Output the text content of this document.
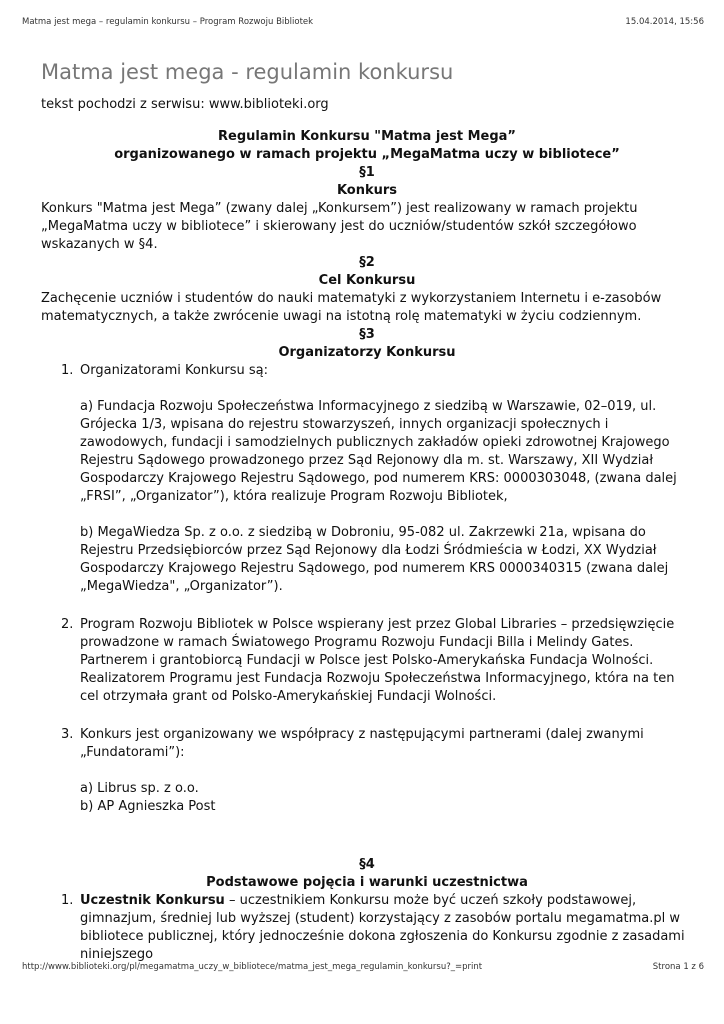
Matma jest mega – regulamin konkursu – Program Rozwoju Bibliotek	15.04.2014, 15:56
Matma jest mega - regulamin konkursu
tekst pochodzi z serwisu: www.biblioteki.org
Regulamin Konkursu "Matma jest Mega”
organizowanego w ramach projektu „MegaMatma uczy w bibliotece”
§1
Konkurs

Konkurs "Matma jest Mega” (zwany dalej „Konkursem”) jest realizowany w ramach projektu „MegaMatma uczy w bibliotece” i skierowany jest do uczniów/studentów szkół szczegółowo wskazanych w §4.

§2
Cel Konkursu

Zachęcenie uczniów i studentów do nauki matematyki z wykorzystaniem Internetu i e-zasobów matematycznych, a także zwrócenie uwagi na istotną rolę matematyki w życiu codziennym.

§3
Organizatorzy Konkursu
1. Organizatorami Konkursu są:
a) Fundacja Rozwoju Społeczeństwa Informacyjnego z siedzibą w Warszawie, 02–019, ul. Grójecka 1/3, wpisana do rejestru stowarzyszeń, innych organizacji społecznych i zawodowych, fundacji i samodzielnych publicznych zakładów opieki zdrowotnej Krajowego Rejestru Sądowego prowadzonego przez Sąd Rejonowy dla m. st. Warszawy, XII Wydział Gospodarczy Krajowego Rejestru Sądowego, pod numerem KRS: 0000303048, (zwana dalej „FRSI”, „Organizator”), która realizuje Program Rozwoju Bibliotek,
b) MegaWiedza Sp. z o.o. z siedzibą w Dobroniu, 95-082 ul. Zakrzewki 21a, wpisana do Rejestru Przedsiębiorców przez Sąd Rejonowy dla Łodzi Śródmieścia w Łodzi, XX Wydział Gospodarczy Krajowego Rejestru Sądowego, pod numerem KRS 0000340315 (zwana dalej „MegaWiedza", „Organizator”).
2. Program Rozwoju Bibliotek w Polsce wspierany jest przez Global Libraries – przedsięwzięcie prowadzone w ramach Światowego Programu Rozwoju Fundacji Billa i Melindy Gates. Partnerem i grantobiorcą Fundacji w Polsce jest Polsko-Amerykańska Fundacja Wolności. Realizatorem Programu jest Fundacja Rozwoju Społeczeństwa Informacyjnego, która na ten cel otrzymała grant od Polsko-Amerykańskiej Fundacji Wolności.
3. Konkurs jest organizowany we współpracy z następującymi partnerami (dalej zwanymi „Fundatorami”):
a) Librus sp. z o.o.
b) AP Agnieszka Post
§4
Podstawowe pojęcia i warunki uczestnictwa
1. Uczestnik Konkursu – uczestnikiem Konkursu może być uczeń szkoły podstawowej, gimnazjum, średniej lub wyższej (student) korzystający z zasobów portalu megamatma.pl w bibliotece publicznej, który jednocześnie dokona zgłoszenia do Konkursu zgodnie z zasadami niniejszego
http://www.biblioteki.org/pl/megamatma_uczy_w_bibliotece/matma_jest_mega_regulamin_konkursu?_=print	Strona 1 z 6
